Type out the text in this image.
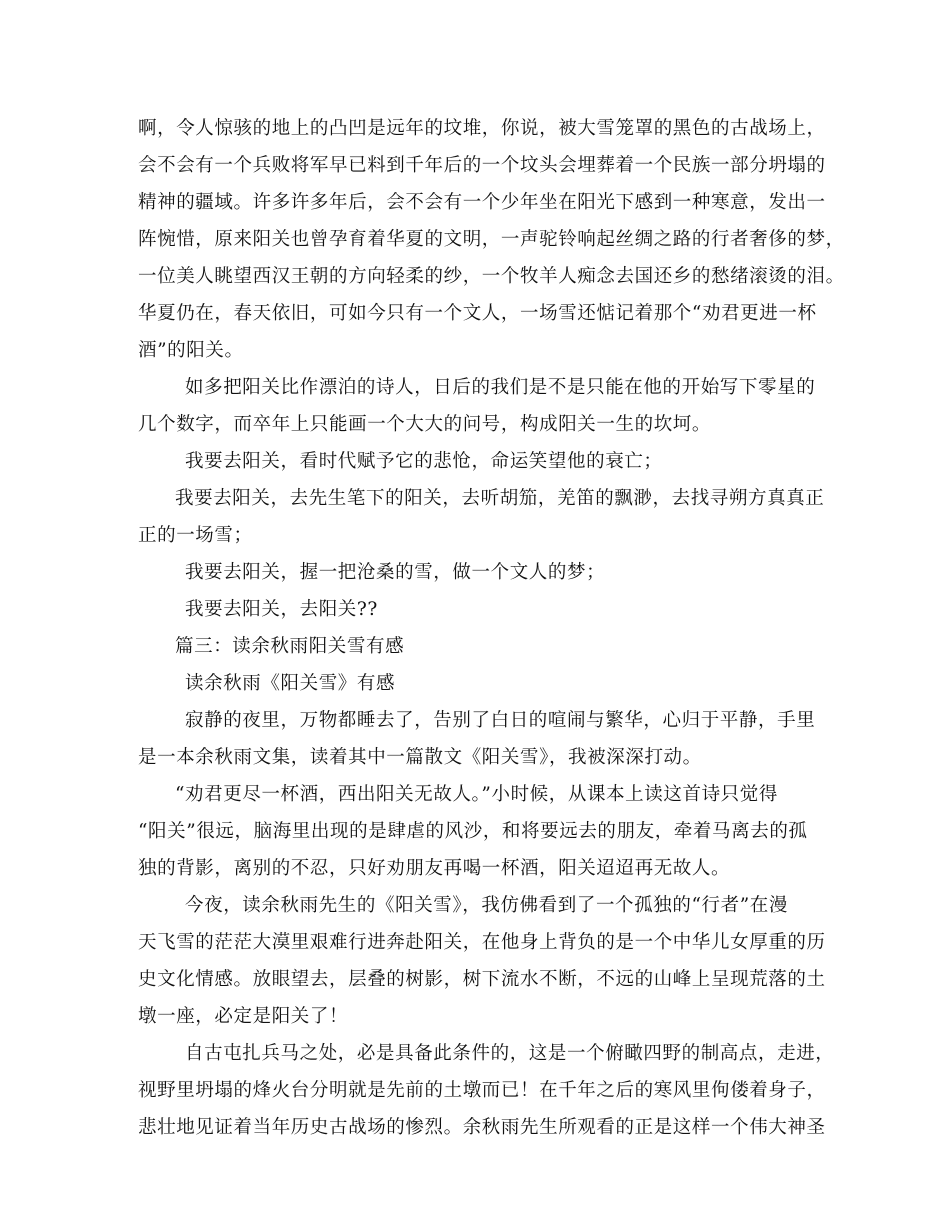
啊，令人惊骇的地上的凸凹是远年的坟堆，你说，被大雪笼罩的黑色的古战场上，
会不会有一个兵败将军早已料到千年后的一个坟头会埋葬着一个民族一部分坍塌的
精神的疆域。许多许多年后，会不会有一个少年坐在阳光下感到一种寒意，发出一
阵惋惜，原来阳关也曾孕育着华夏的文明，一声驼铃响起丝绸之路的行者奢侈的梦，
一位美人眺望西汉王朝的方向轻柔的纱，一个牧羊人痴念去国还乡的愁绪滚烫的泪。
华夏仍在，春天依旧，可如今只有一个文人，一场雪还惦记着那个“劝君更进一杯
酒”的阳关。
如多把阳关比作漂泊的诗人，日后的我们是不是只能在他的开始写下零星的
几个数字，而卒年上只能画一个大大的问号，构成阳关一生的坎坷。
我要去阳关，看时代赋予它的悲怆，命运笑望他的衰亡；
我要去阳关，去先生笔下的阳关，去听胡笳，羌笛的飘渺，去找寻朔方真真正
正的一场雪；
我要去阳关，握一把沧桑的雪，做一个文人的梦；
我要去阳关，去阳关??
篇三：读余秋雨阳关雪有感
读余秋雨《阳关雪》有感
寂静的夜里，万物都睡去了，告别了白日的喧闹与繁华，心归于平静，手里
是一本余秋雨文集，读着其中一篇散文《阳关雪》，我被深深打动。
“劝君更尽一杯酒，西出阳关无故人。”小时候，从课本上读这首诗只觉得
“阳关”很远，脑海里出现的是肆虐的风沙，和将要远去的朋友，牵着马离去的孤
独的背影，离别的不忍，只好劝朋友再喝一杯酒，阳关迢迢再无故人。
今夜，读余秋雨先生的《阳关雪》，我仿佛看到了一个孤独的“行者”在漫
天飞雪的茫茫大漠里艰难行进奔赴阳关，在他身上背负的是一个中华儿女厚重的历
史文化情感。放眼望去，层叠的树影，树下流水不断，不远的山峰上呈现荒落的土
墩一座，必定是阳关了！
自古屯扎兵马之处，必是具备此条件的，这是一个俯瞰四野的制高点，走进，
视野里坍塌的烽火台分明就是先前的土墩而已！在千年之后的寒风里佝偻着身子，
悲壮地见证着当年历史古战场的惨烈。余秋雨先生所观看的正是这样一个伟大神圣
